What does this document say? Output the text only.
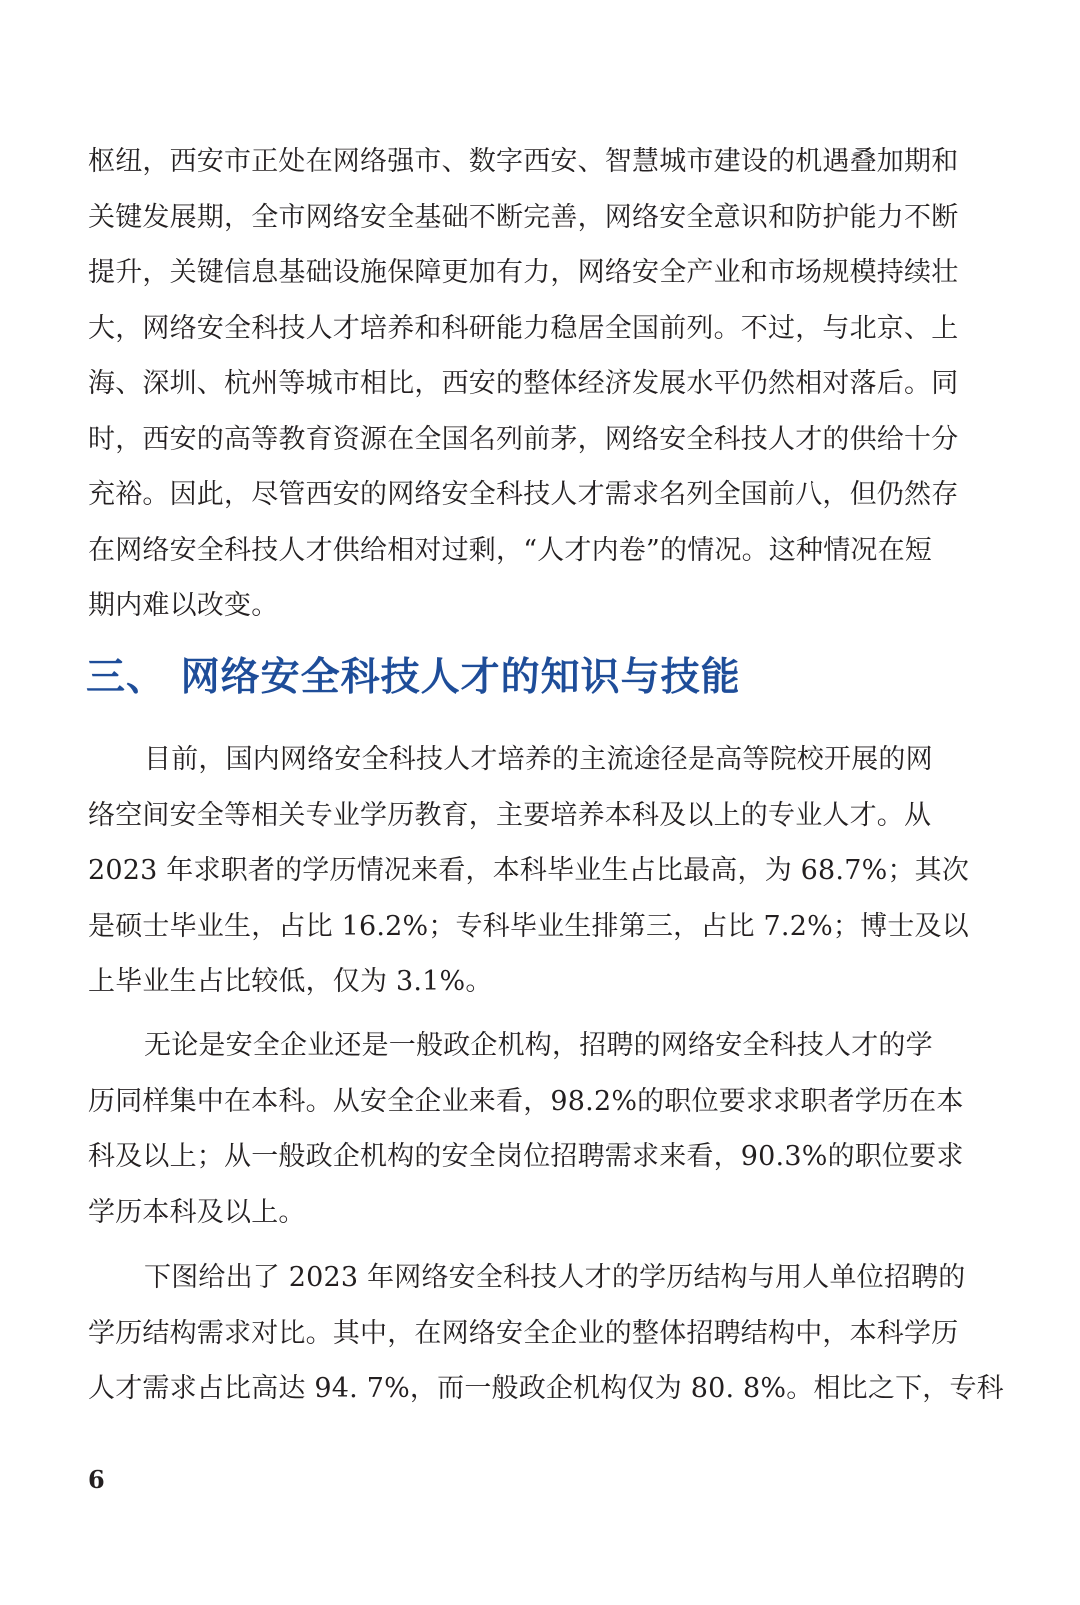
枢纽，西安市正处在网络强市、数字西安、智慧城市建设的机遇叠加期和
关键发展期，全市网络安全基础不断完善，网络安全意识和防护能力不断
提升，关键信息基础设施保障更加有力，网络安全产业和市场规模持续壮
大，网络安全科技人才培养和科研能力稳居全国前列。不过，与北京、上
海、深圳、杭州等城市相比，西安的整体经济发展水平仍然相对落后。同
时，西安的高等教育资源在全国名列前茅，网络安全科技人才的供给十分
充裕。因此，尽管西安的网络安全科技人才需求名列全国前八，但仍然存
在网络安全科技人才供给相对过剩，“人才内卷”的情况。这种情况在短
期内难以改变。
三、 网络安全科技人才的知识与技能
目前，国内网络安全科技人才培养的主流途径是高等院校开展的网
络空间安全等相关专业学历教育，主要培养本科及以上的专业人才。从
2023 年求职者的学历情况来看，本科毕业生占比最高，为 68.7%；其次
是硕士毕业生，占比 16.2%；专科毕业生排第三，占比 7.2%；博士及以
上毕业生占比较低，仅为 3.1%。
无论是安全企业还是一般政企机构，招聘的网络安全科技人才的学
历同样集中在本科。从安全企业来看，98.2%的职位要求求职者学历在本
科及以上；从一般政企机构的安全岗位招聘需求来看，90.3%的职位要求
学历本科及以上。
下图给出了 2023 年网络安全科技人才的学历结构与用人单位招聘的
学历结构需求对比。其中，在网络安全企业的整体招聘结构中，本科学历
人才需求占比高达 94. 7%，而一般政企机构仅为 80. 8%。相比之下，专科
6
